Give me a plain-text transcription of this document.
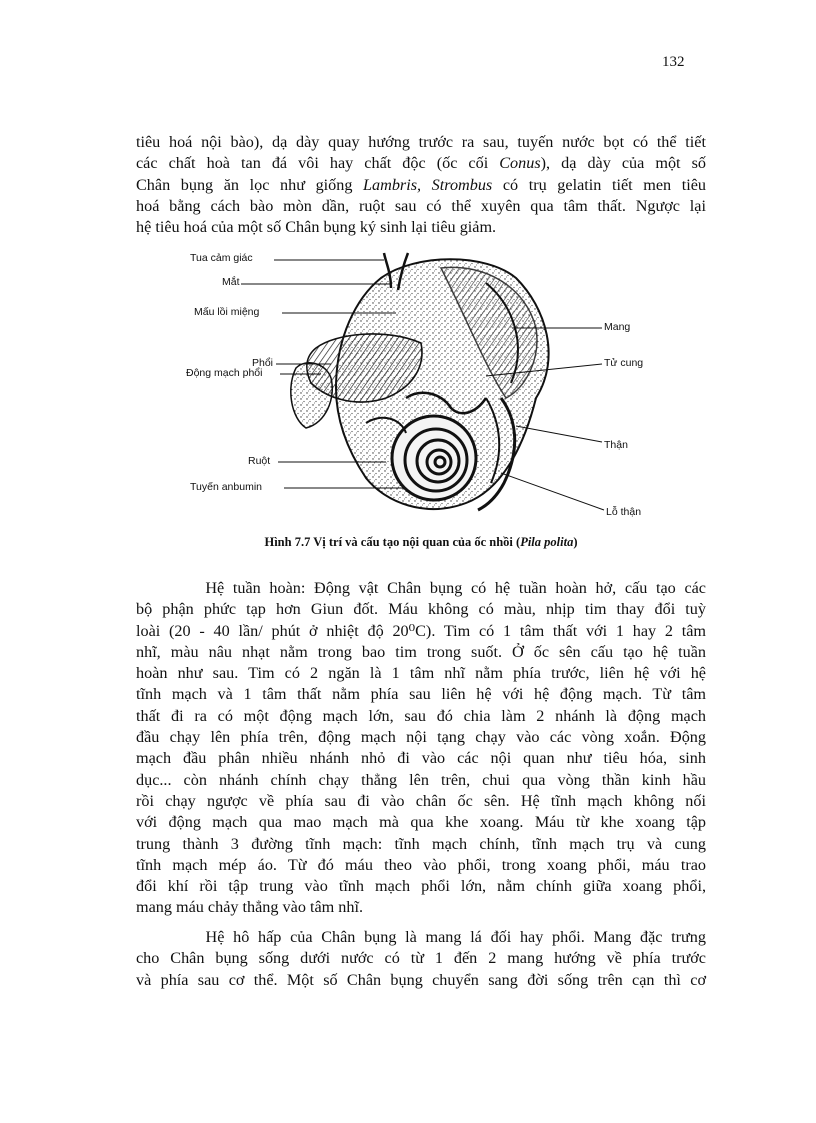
132
tiêu hoá nội bào), dạ dày quay hướng trước ra sau, tuyến nước bọt có thể tiết
các chất hoà tan đá vôi hay chất độc (ốc cối Conus), dạ dày của một số
Chân bụng ăn lọc như giống Lambris, Strombus có trụ gelatin tiết men tiêu
hoá bằng cách bào mòn dần, ruột sau có thể xuyên qua tâm thất. Ngược lại
hệ tiêu hoá của một số Chân bụng ký sinh lại tiêu giảm.
Tua cảm giác
Mắt
Mấu lồi miệng
Phổi
Động mạch phổi
Ruột
Tuyến anbumin
Mang
Tử cung
Thận
Lỗ thận
Hình 7.7 Vị trí và cấu tạo nội quan của ốc nhồi (Pila polita)
Hệ tuần hoàn: Động vật Chân bụng có hệ tuần hoàn hở, cấu tạo các
bộ phận phức tạp hơn Giun đốt. Máu không có màu, nhịp tim thay đổi tuỳ
loài (20 - 40 lần/ phút ở nhiệt độ 20⁰C). Tim có 1 tâm thất với 1 hay 2 tâm
nhĩ, màu nâu nhạt nằm trong bao tim trong suốt. Ở ốc sên cấu tạo hệ tuần
hoàn như sau. Tim có 2 ngăn là 1 tâm nhĩ nằm phía trước, liên hệ với hệ
tĩnh mạch và 1 tâm thất nằm phía sau liên hệ với hệ động mạch. Từ tâm
thất đi ra có một động mạch lớn, sau đó chia làm 2 nhánh là động mạch
đầu chạy lên phía trên, động mạch nội tạng chạy vào các vòng xoắn. Động
mạch đầu phân nhiều nhánh nhỏ đi vào các nội quan như tiêu hóa, sinh
dục... còn nhánh chính chạy thẳng lên trên, chui qua vòng thần kinh hầu
rồi chạy ngược về phía sau đi vào chân ốc sên. Hệ tĩnh mạch không nối
với động mạch qua mao mạch mà qua khe xoang. Máu từ khe xoang tập
trung thành 3 đường tĩnh mạch: tĩnh mạch chính, tĩnh mạch trụ và cung
tĩnh mạch mép áo. Từ đó máu theo vào phổi, trong xoang phổi, máu trao
đổi khí rồi tập trung vào tĩnh mạch phổi lớn, nằm chính giữa xoang phổi,
mang máu chảy thẳng vào tâm nhĩ.
Hệ hô hấp của Chân bụng là mang lá đối hay phổi. Mang đặc trưng
cho Chân bụng sống dưới nước có từ 1 đến 2 mang hướng về phía trước
và phía sau cơ thể. Một số Chân bụng chuyển sang đời sống trên cạn thì cơ
